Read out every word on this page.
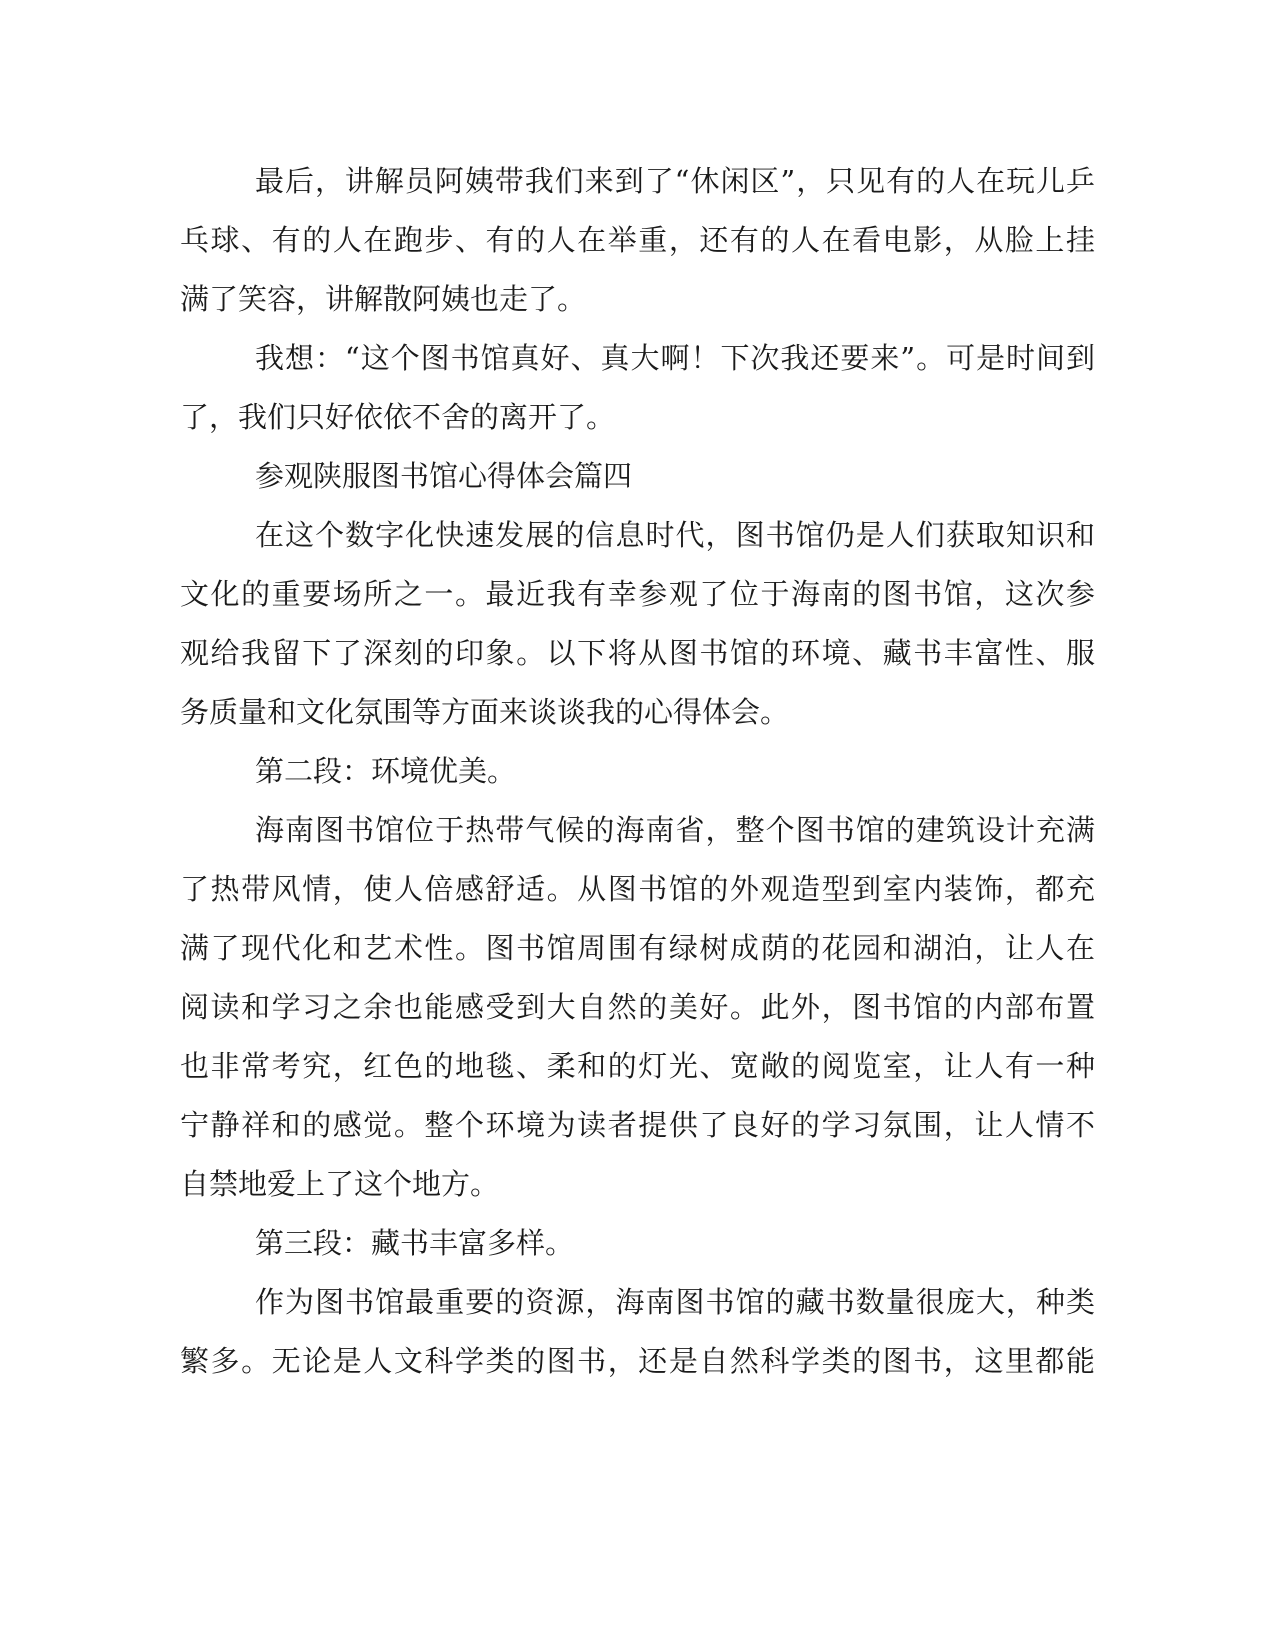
最后，讲解员阿姨带我们来到了“休闲区”，只见有的人在玩儿乒
乓球、有的人在跑步、有的人在举重，还有的人在看电影，从脸上挂
满了笑容，讲解散阿姨也走了。
我想：“这个图书馆真好、真大啊！下次我还要来”。可是时间到
了，我们只好依依不舍的离开了。
参观陕服图书馆心得体会篇四
在这个数字化快速发展的信息时代，图书馆仍是人们获取知识和
文化的重要场所之一。最近我有幸参观了位于海南的图书馆，这次参
观给我留下了深刻的印象。以下将从图书馆的环境、藏书丰富性、服
务质量和文化氛围等方面来谈谈我的心得体会。
第二段：环境优美。
海南图书馆位于热带气候的海南省，整个图书馆的建筑设计充满
了热带风情，使人倍感舒适。从图书馆的外观造型到室内装饰，都充
满了现代化和艺术性。图书馆周围有绿树成荫的花园和湖泊，让人在
阅读和学习之余也能感受到大自然的美好。此外，图书馆的内部布置
也非常考究，红色的地毯、柔和的灯光、宽敞的阅览室，让人有一种
宁静祥和的感觉。整个环境为读者提供了良好的学习氛围，让人情不
自禁地爱上了这个地方。
第三段：藏书丰富多样。
作为图书馆最重要的资源，海南图书馆的藏书数量很庞大，种类
繁多。无论是人文科学类的图书，还是自然科学类的图书，这里都能
